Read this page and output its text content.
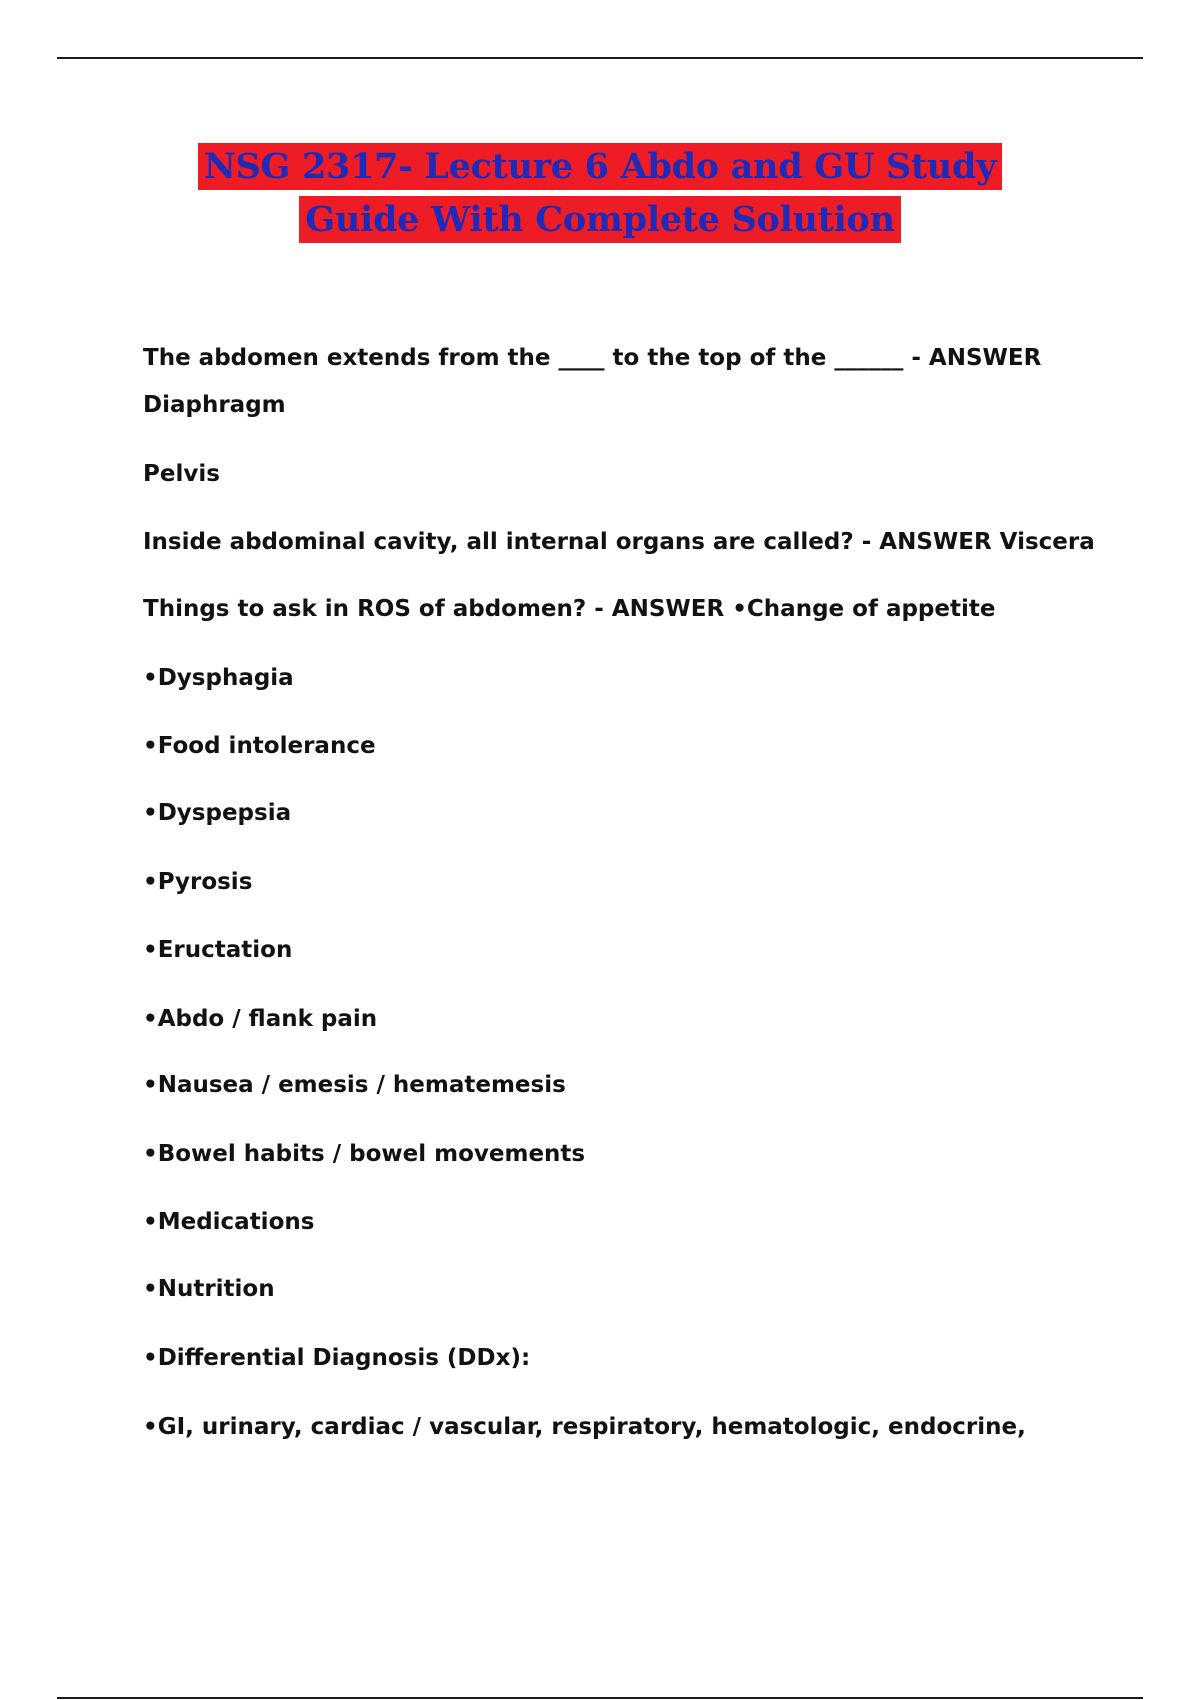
NSG 2317- Lecture 6 Abdo and GU Study
Guide With Complete Solution
The abdomen extends from the ____ to the top of the ______ - ANSWER
Diaphragm
Pelvis
Inside abdominal cavity, all internal organs are called? - ANSWER Viscera
Things to ask in ROS of abdomen? - ANSWER •Change of appetite
•Dysphagia
•Food intolerance
•Dyspepsia
•Pyrosis
•Eructation
•Abdo / flank pain
•Nausea / emesis / hematemesis
•Bowel habits / bowel movements
•Medications
•Nutrition
•Differential Diagnosis (DDx):
•GI, urinary, cardiac / vascular, respiratory, hematologic, endocrine,
